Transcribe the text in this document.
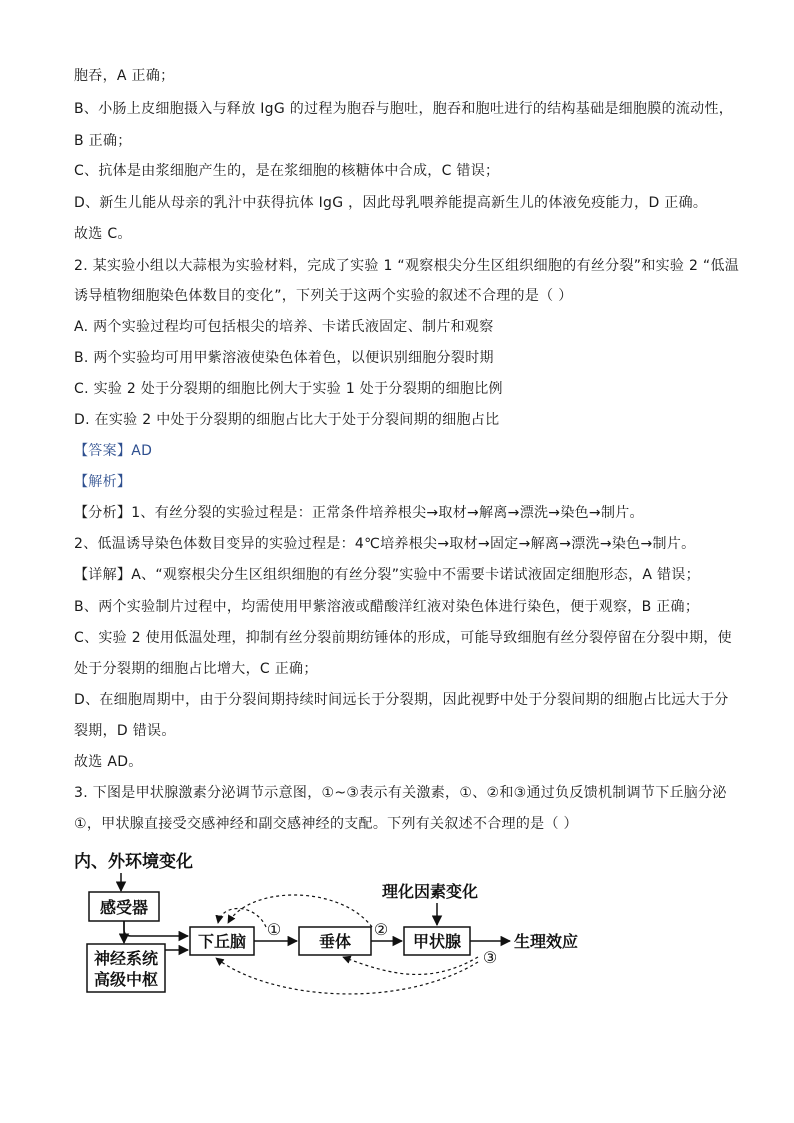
胞吞，A 正确；
B、小肠上皮细胞摄入与释放 IgG 的过程为胞吞与胞吐，胞吞和胞吐进行的结构基础是细胞膜的流动性，
B 正确；
C、抗体是由浆细胞产生的，是在浆细胞的核糖体中合成，C 错误；
D、新生儿能从母亲的乳汁中获得抗体 IgG ，因此母乳喂养能提高新生儿的体液免疫能力，D 正确。
故选 C。
2. 某实验小组以大蒜根为实验材料，完成了实验 1 “观察根尖分生区组织细胞的有丝分裂”和实验 2 “低温
诱导植物细胞染色体数目的变化”，下列关于这两个实验的叙述不合理的是（ ）
A. 两个实验过程均可包括根尖的培养、卡诺氏液固定、制片和观察
B. 两个实验均可用甲紫溶液使染色体着色，以便识别细胞分裂时期
C. 实验 2 处于分裂期的细胞比例大于实验 1 处于分裂期的细胞比例
D. 在实验 2 中处于分裂期的细胞占比大于处于分裂间期的细胞占比
【答案】AD
【解析】
【分析】1、有丝分裂的实验过程是：正常条件培养根尖→取材→解离→漂洗→染色→制片。
2、低温诱导染色体数目变异的实验过程是：4℃培养根尖→取材→固定→解离→漂洗→染色→制片。
【详解】A、“观察根尖分生区组织细胞的有丝分裂”实验中不需要卡诺试液固定细胞形态，A 错误；
B、两个实验制片过程中，均需使用甲紫溶液或醋酸洋红液对染色体进行染色，便于观察，B 正确；
C、实验 2 使用低温处理，抑制有丝分裂前期纺锤体的形成，可能导致细胞有丝分裂停留在分裂中期，使
处于分裂期的细胞占比增大，C 正确；
D、在细胞周期中，由于分裂间期持续时间远长于分裂期，因此视野中处于分裂间期的细胞占比远大于分
裂期，D 错误。
故选 AD。
3. 下图是甲状腺激素分泌调节示意图，①~③表示有关激素，①、②和③通过负反馈机制调节下丘脑分泌
①，甲状腺直接受交感神经和副交感神经的支配。下列有关叙述不合理的是（ ）
内、外环境变化
感受器
神经系统
高级中枢
下丘脑
①
垂体
②
甲状腺
理化因素变化
生理效应
③
